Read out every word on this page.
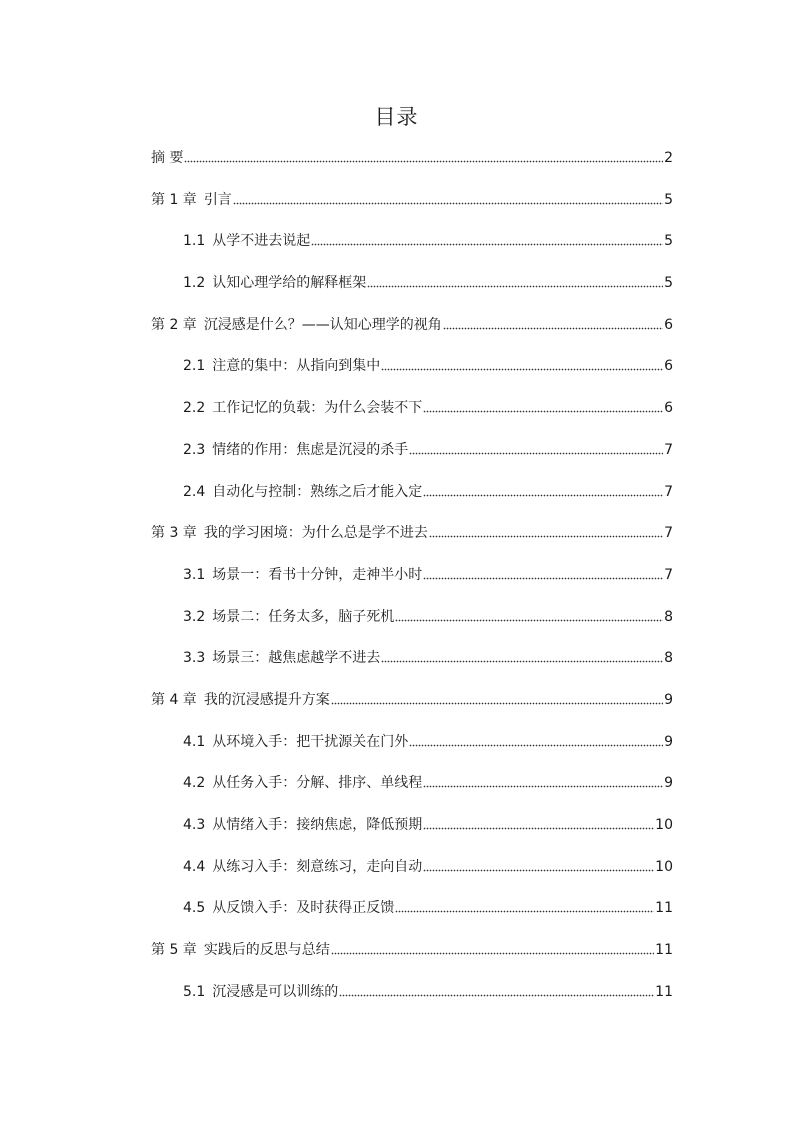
目录
摘 要	2
第 1 章 引言	5
1.1 从学不进去说起	5
1.2 认知心理学给的解释框架	5
第 2 章 沉浸感是什么？——认知心理学的视角	6
2.1 注意的集中：从指向到集中	6
2.2 工作记忆的负载：为什么会装不下	6
2.3 情绪的作用：焦虑是沉浸的杀手	7
2.4 自动化与控制：熟练之后才能入定	7
第 3 章 我的学习困境：为什么总是学不进去	7
3.1 场景一：看书十分钟，走神半小时	7
3.2 场景二：任务太多，脑子死机	8
3.3 场景三：越焦虑越学不进去	8
第 4 章 我的沉浸感提升方案	9
4.1 从环境入手：把干扰源关在门外	9
4.2 从任务入手：分解、排序、单线程	9
4.3 从情绪入手：接纳焦虑，降低预期	10
4.4 从练习入手：刻意练习，走向自动	10
4.5 从反馈入手：及时获得正反馈	11
第 5 章 实践后的反思与总结	11
5.1 沉浸感是可以训练的	11
